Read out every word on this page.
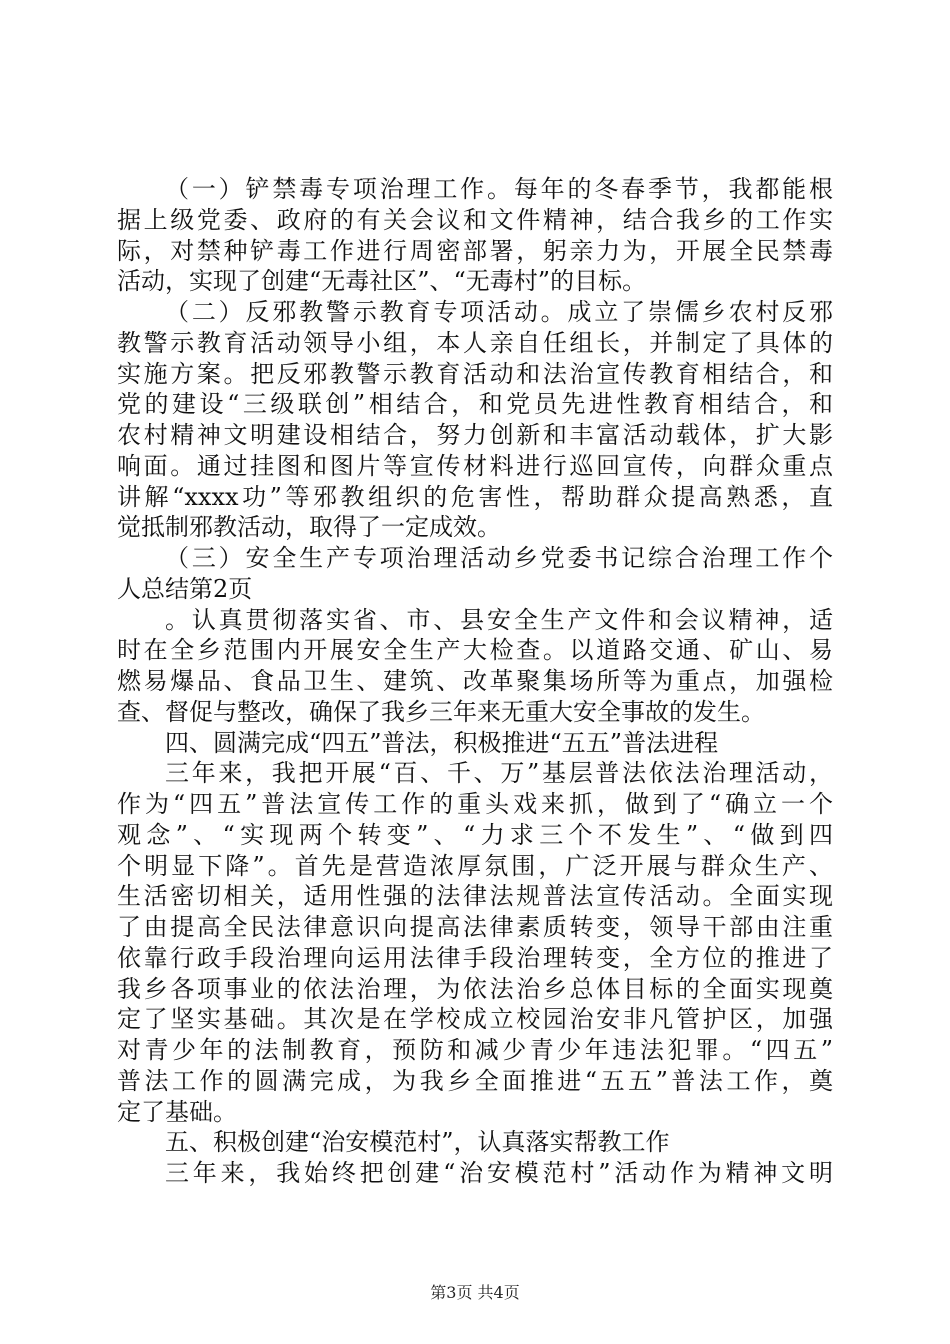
（一）铲禁毒专项治理工作。每年的冬春季节，我都能根
据上级党委、政府的有关会议和文件精神，结合我乡的工作实
际，对禁种铲毒工作进行周密部署，躬亲力为，开展全民禁毒
活动，实现了创建“无毒社区”、“无毒村”的目标。
（二）反邪教警示教育专项活动。成立了崇儒乡农村反邪
教警示教育活动领导小组，本人亲自任组长，并制定了具体的
实施方案。把反邪教警示教育活动和法治宣传教育相结合，和
党的建设“三级联创”相结合，和党员先进性教育相结合，和
农村精神文明建设相结合，努力创新和丰富活动载体，扩大影
响面。通过挂图和图片等宣传材料进行巡回宣传，向群众重点
讲解“xxxx功”等邪教组织的危害性，帮助群众提高熟悉，直
觉抵制邪教活动，取得了一定成效。
（三）安全生产专项治理活动乡党委书记综合治理工作个
人总结第2页
。认真贯彻落实省、市、县安全生产文件和会议精神，适
时在全乡范围内开展安全生产大检查。以道路交通、矿山、易
燃易爆品、食品卫生、建筑、改革聚集场所等为重点，加强检
查、督促与整改，确保了我乡三年来无重大安全事故的发生。
四、圆满完成“四五”普法，积极推进“五五”普法进程
三年来，我把开展“百、千、万”基层普法依法治理活动，
作为“四五”普法宣传工作的重头戏来抓，做到了“确立一个
观念”、“实现两个转变”、“力求三个不发生”、“做到四
个明显下降”。首先是营造浓厚氛围，广泛开展与群众生产、
生活密切相关，适用性强的法律法规普法宣传活动。全面实现
了由提高全民法律意识向提高法律素质转变，领导干部由注重
依靠行政手段治理向运用法律手段治理转变，全方位的推进了
我乡各项事业的依法治理，为依法治乡总体目标的全面实现奠
定了坚实基础。其次是在学校成立校园治安非凡管护区，加强
对青少年的法制教育，预防和减少青少年违法犯罪。“四五”
普法工作的圆满完成，为我乡全面推进“五五”普法工作，奠
定了基础。
五、积极创建“治安模范村”，认真落实帮教工作
三年来，我始终把创建“治安模范村”活动作为精神文明
第3页 共4页
